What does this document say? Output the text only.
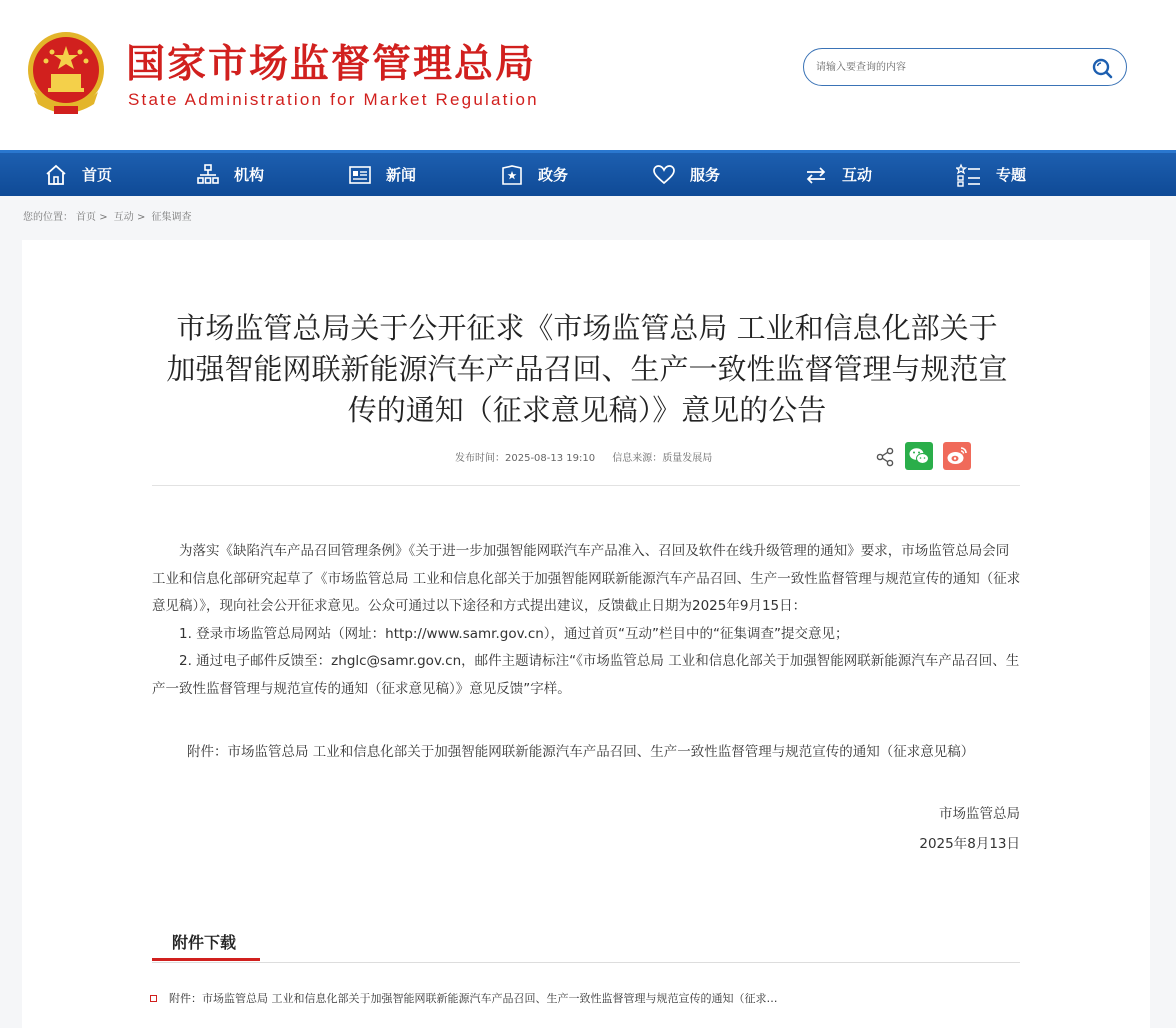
国家市场监督管理总局
State Administration for Market Regulation
请输入要查询的内容
首页	机构	新闻	政务	服务	互动	专题
您的位置： 首页 > 互动 > 征集调查
市场监管总局关于公开征求《市场监管总局 工业和信息化部关于加强智能网联新能源汽车产品召回、生产一致性监督管理与规范宣传的通知（征求意见稿）》意见的公告
发布时间：2025-08-13 19:10 信息来源：质量发展局

为落实《缺陷汽车产品召回管理条例》《关于进一步加强智能网联汽车产品准入、召回及软件在线升级管理的通知》要求，市场监管总局会同工业和信息化部研究起草了《市场监管总局 工业和信息化部关于加强智能网联新能源汽车产品召回、生产一致性监督管理与规范宣传的通知（征求意见稿）》，现向社会公开征求意见。公众可通过以下途径和方式提出建议，反馈截止日期为2025年9月15日：

1. 登录市场监管总局网站（网址：http://www.samr.gov.cn），通过首页“互动”栏目中的“征集调查”提交意见；

2. 通过电子邮件反馈至：zhglc@samr.gov.cn，邮件主题请标注“《市场监管总局 工业和信息化部关于加强智能网联新能源汽车产品召回、生产一致性监督管理与规范宣传的通知（征求意见稿）》意见反馈”字样。

附件：市场监管总局 工业和信息化部关于加强智能网联新能源汽车产品召回、生产一致性监督管理与规范宣传的通知（征求意见稿）
市场监管总局
2025年8月13日
附件下载
附件：市场监管总局 工业和信息化部关于加强智能网联新能源汽车产品召回、生产一致性监督管理与规范宣传的通知（征求…
